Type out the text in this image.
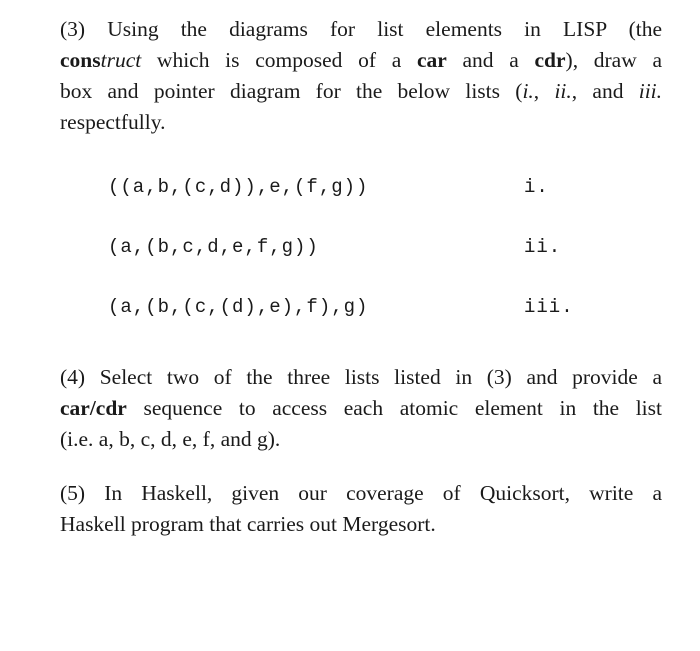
(3) Using the diagrams for list elements in LISP (the
construct which is composed of a car and a cdr), draw a
box and pointer diagram for the below lists (i., ii., and iii.
respectfully.
((a,b,(c,d)),e,(f,g))	i.
(a,(b,c,d,e,f,g))	ii.
(a,(b,(c,(d),e),f),g)	iii.
(4) Select two of the three lists listed in (3) and provide a
car/cdr sequence to access each atomic element in the list
(i.e. a, b, c, d, e, f, and g).
(5) In Haskell, given our coverage of Quicksort, write a
Haskell program that carries out Mergesort.
